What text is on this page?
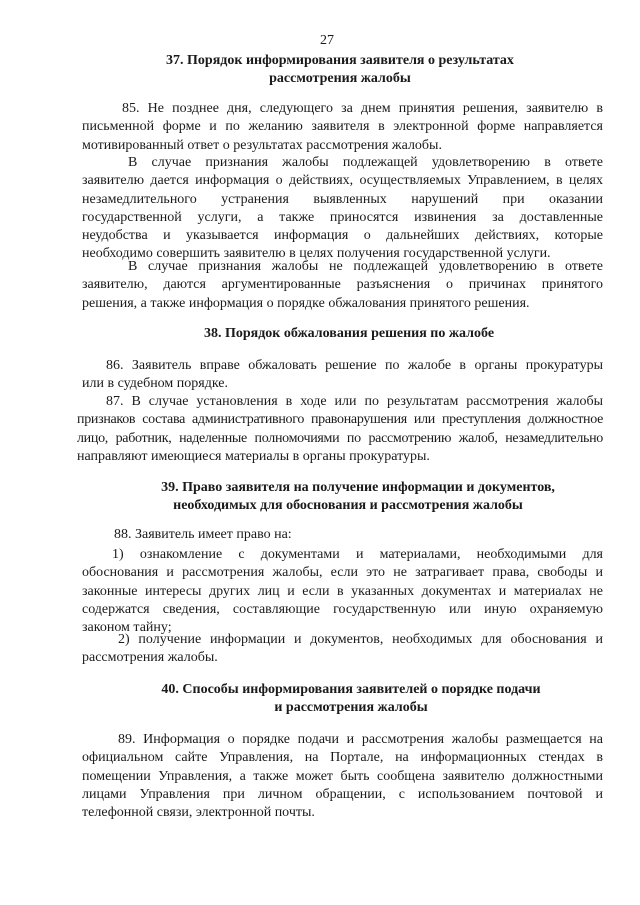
27
37. Порядок информирования заявителя о результатах
рассмотрения жалобы
85. Не позднее дня, следующего за днем принятия решения, заявителю в
письменной форме и по желанию заявителя в электронной форме направляется
мотивированный ответ о результатах рассмотрения жалобы.
В случае признания жалобы подлежащей удовлетворению в ответе
заявителю дается информация о действиях, осуществляемых Управлением, в целях
незамедлительного устранения выявленных нарушений при оказании
государственной услуги, а также приносятся извинения за доставленные
неудобства и указывается информация о дальнейших действиях, которые
необходимо совершить заявителю в целях получения государственной услуги.
В случае признания жалобы не подлежащей удовлетворению в ответе
заявителю, даются аргументированные разъяснения о причинах принятого
решения, а также информация о порядке обжалования принятого решения.
38. Порядок обжалования решения по жалобе
86. Заявитель вправе обжаловать решение по жалобе в органы прокуратуры
или в судебном порядке.
87. В случае установления в ходе или по результатам рассмотрения жалобы
признаков состава административного правонарушения или преступления должностное
лицо, работник, наделенные полномочиями по рассмотрению жалоб, незамедлительно
направляют имеющиеся материалы в органы прокуратуры.
39. Право заявителя на получение информации и документов,
необходимых для обоснования и рассмотрения жалобы
88. Заявитель имеет право на:
1) ознакомление с документами и материалами, необходимыми для
обоснования и рассмотрения жалобы, если это не затрагивает права, свободы и
законные интересы других лиц и если в указанных документах и материалах не
содержатся сведения, составляющие государственную или иную охраняемую
законом тайну;
2) получение информации и документов, необходимых для обоснования и
рассмотрения жалобы.
40. Способы информирования заявителей о порядке подачи
и рассмотрения жалобы
89. Информация о порядке подачи и рассмотрения жалобы размещается на
официальном сайте Управления, на Портале, на информационных стендах в
помещении Управления, а также может быть сообщена заявителю должностными
лицами Управления при личном обращении, с использованием почтовой и
телефонной связи, электронной почты.
